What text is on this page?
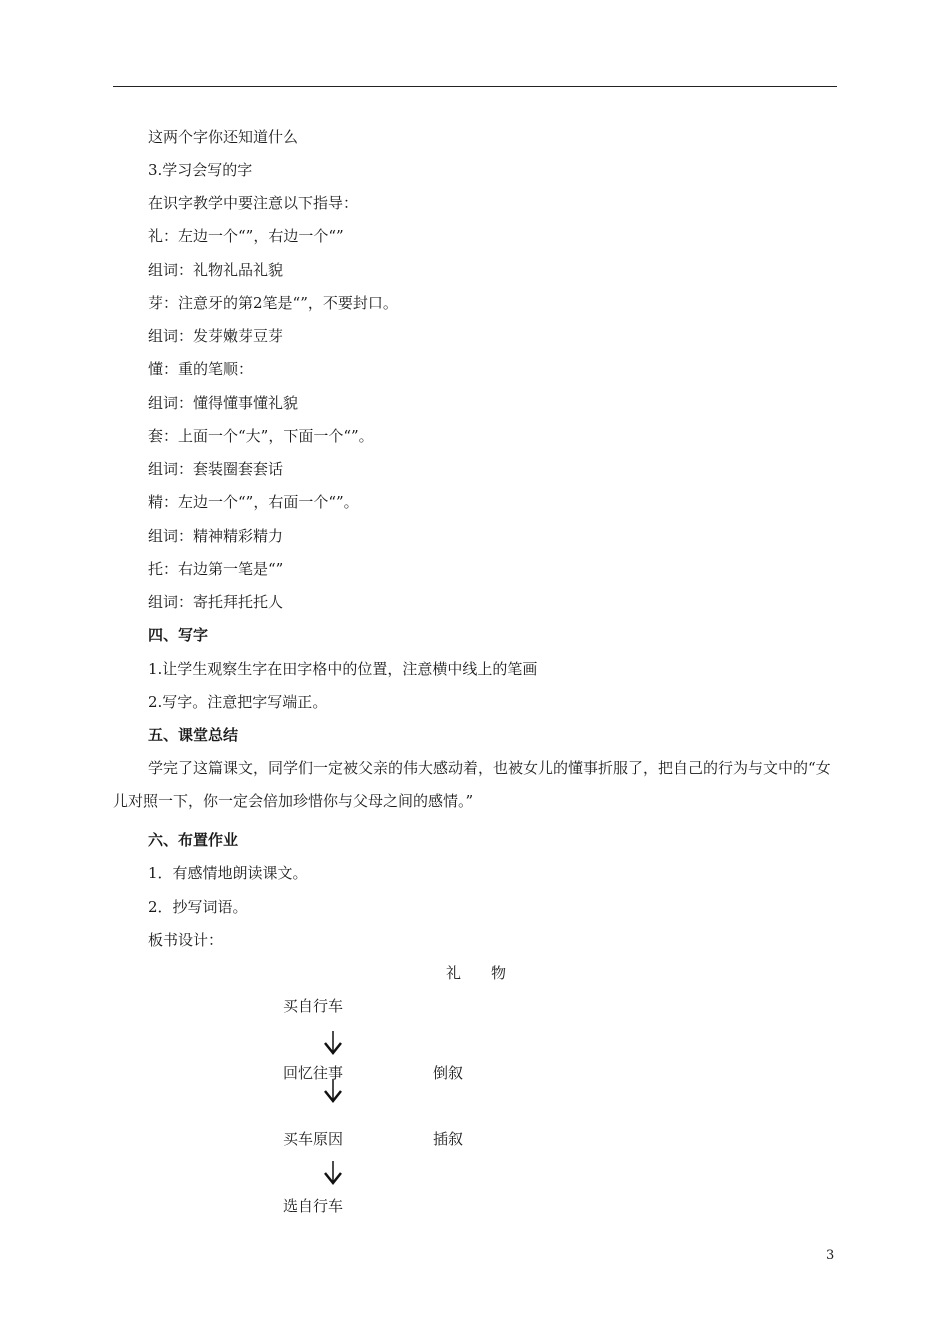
这两个字你还知道什么
3.学习会写的字
在识字教学中要注意以下指导：
礼：左边一个“”，右边一个“”
组词：礼物礼品礼貌
芽：注意牙的第2笔是“”，不要封口。
组词：发芽嫩芽豆芽
懂：重的笔顺：
组词：懂得懂事懂礼貌
套：上面一个“大”，下面一个“”。
组词：套装圈套套话
精：左边一个“”，右面一个“”。
组词：精神精彩精力
托：右边第一笔是“”
组词：寄托拜托托人
四、写字
1.让学生观察生字在田字格中的位置，注意横中线上的笔画
2.写字。注意把字写端正。
五、课堂总结
学完了这篇课文，同学们一定被父亲的伟大感动着，也被女儿的懂事折服了，把自己的行为与文中的“女儿对照一下，你一定会倍加珍惜你与父母之间的感情。”
六、布置作业
1．有感情地朗读课文。
2．抄写词语。
板书设计：
礼　　物
买自行车
回忆往事	倒叙
买车原因	插叙
选自行车
3
